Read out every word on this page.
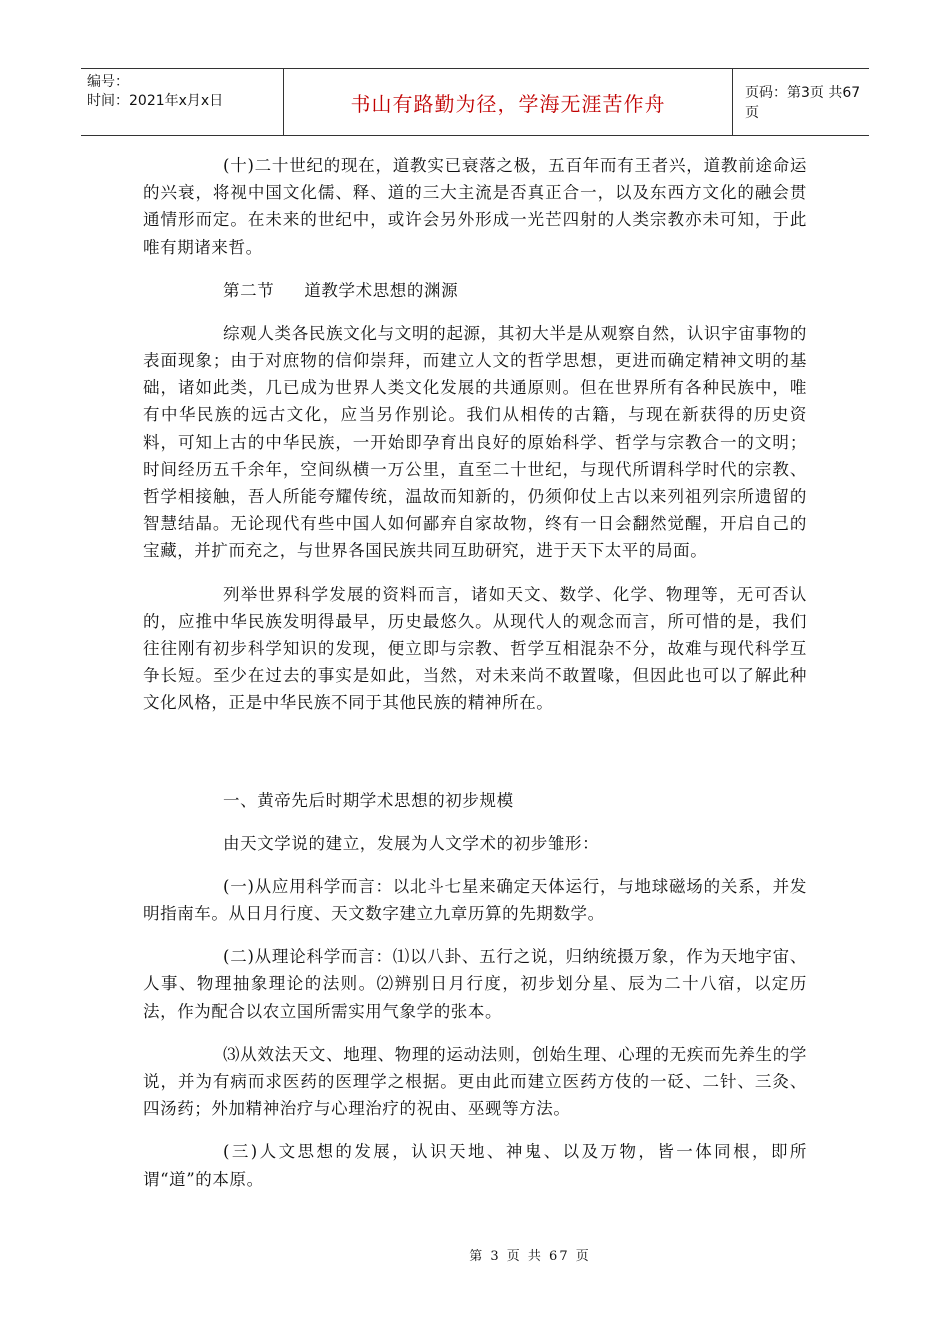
编号：
时间：2021年x月x日	书山有路勤为径，学海无涯苦作舟	页码：第3页 共67页

(十)二十世纪的现在，道教实已衰落之极，五百年而有王者兴，道教前途命运的兴衰，将视中国文化儒、释、道的三大主流是否真正合一，以及东西方文化的融会贯通情形而定。在未来的世纪中，或许会另外形成一光芒四射的人类宗教亦未可知，于此唯有期诸来哲。

第二节 道教学术思想的渊源

综观人类各民族文化与文明的起源，其初大半是从观察自然，认识宇宙事物的表面现象；由于对庶物的信仰崇拜，而建立人文的哲学思想，更进而确定精神文明的基础，诸如此类，几已成为世界人类文化发展的共通原则。但在世界所有各种民族中，唯有中华民族的远古文化，应当另作别论。我们从相传的古籍，与现在新获得的历史资料，可知上古的中华民族，一开始即孕育出良好的原始科学、哲学与宗教合一的文明；时间经历五千余年，空间纵横一万公里，直至二十世纪，与现代所谓科学时代的宗教、哲学相接触，吾人所能夸耀传统，温故而知新的，仍须仰仗上古以来列祖列宗所遗留的智慧结晶。无论现代有些中国人如何鄙弃自家故物，终有一日会翻然觉醒，开启自己的宝藏，并扩而充之，与世界各国民族共同互助研究，进于天下太平的局面。

列举世界科学发展的资料而言，诸如天文、数学、化学、物理等，无可否认的，应推中华民族发明得最早，历史最悠久。从现代人的观念而言，所可惜的是，我们往往刚有初步科学知识的发现，便立即与宗教、哲学互相混杂不分，故难与现代科学互争长短。至少在过去的事实是如此，当然，对未来尚不敢置喙，但因此也可以了解此种文化风格，正是中华民族不同于其他民族的精神所在。

一、黄帝先后时期学术思想的初步规模

由天文学说的建立，发展为人文学术的初步雏形：

(一)从应用科学而言：以北斗七星来确定天体运行，与地球磁场的关系，并发明指南车。从日月行度、天文数字建立九章历算的先期数学。

(二)从理论科学而言：⑴以八卦、五行之说，归纳统摄万象，作为天地宇宙、人事、物理抽象理论的法则。⑵辨别日月行度，初步划分星、辰为二十八宿，以定历法，作为配合以农立国所需实用气象学的张本。

⑶从效法天文、地理、物理的运动法则，创始生理、心理的无疾而先养生的学说，并为有病而求医药的医理学之根据。更由此而建立医药方伎的一砭、二针、三灸、四汤药；外加精神治疗与心理治疗的祝由、巫觋等方法。

(三)人文思想的发展，认识天地、神鬼、以及万物，皆一体同根，即所谓“道”的本原。

第 3 页 共 67 页
